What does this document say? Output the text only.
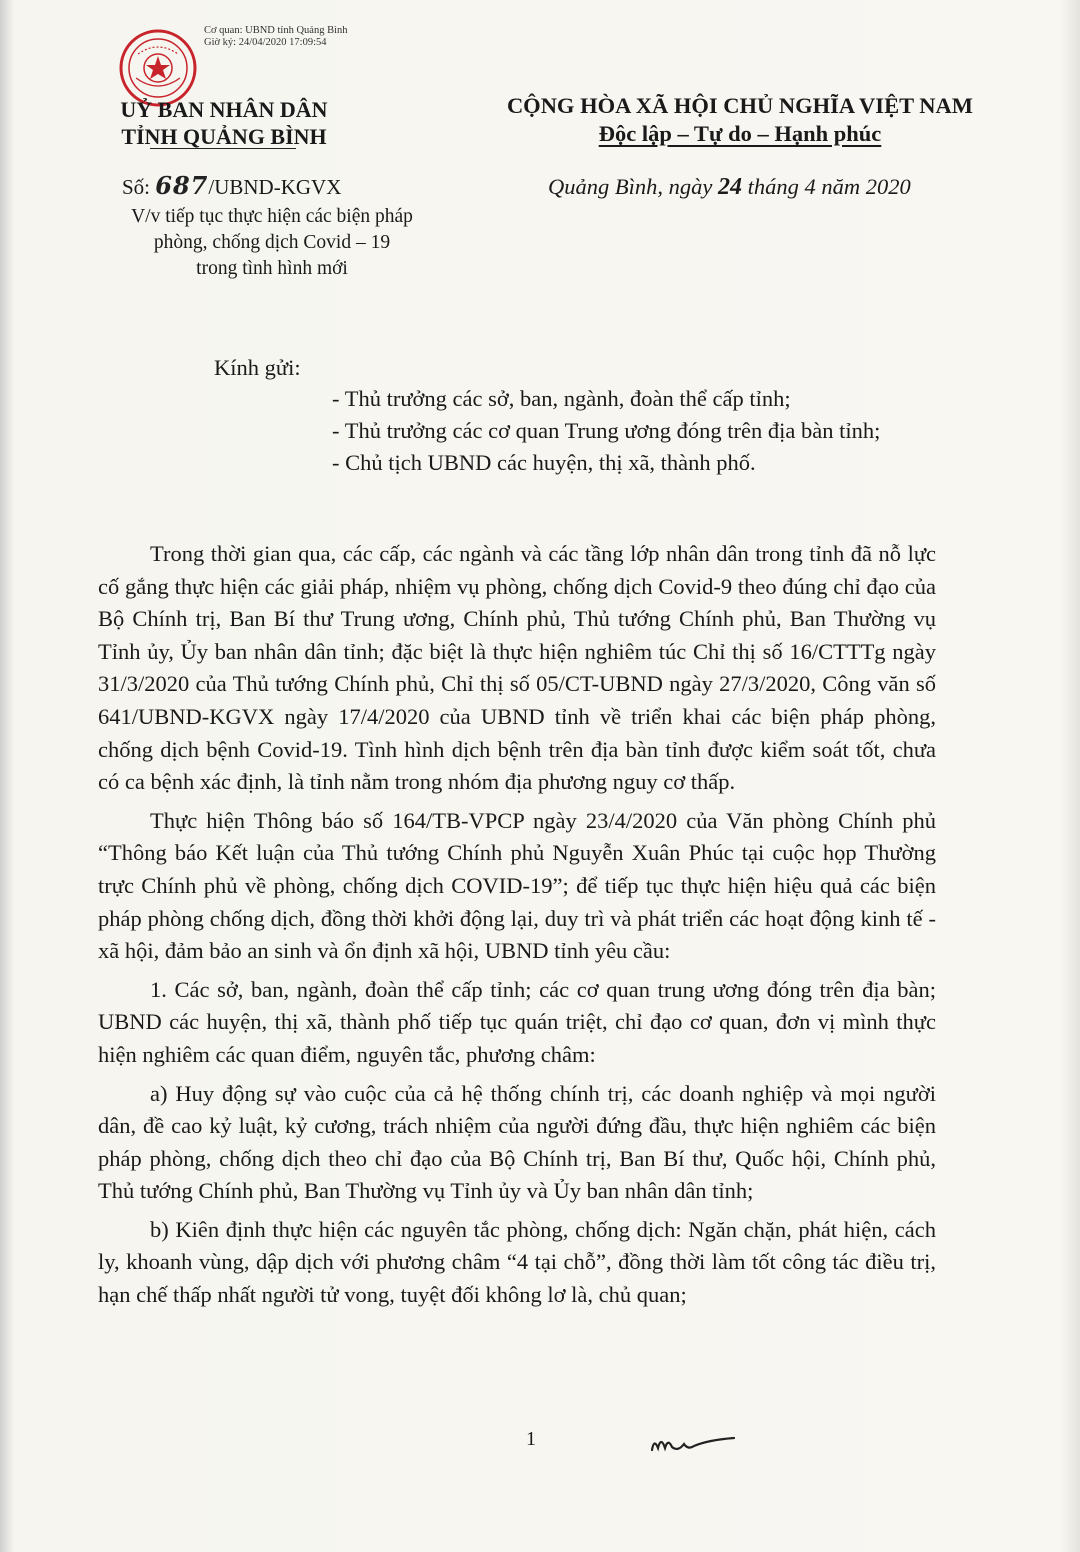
Cơ quan: UBND tỉnh Quảng Bình
Giờ ký: 24/04/2020 17:09:54
UỶ BAN NHÂN DÂN
TỈNH QUẢNG BÌNH
Số: 687/UBND-KGVX
V/v tiếp tục thực hiện các biện pháp
phòng, chống dịch Covid – 19
trong tình hình mới
CỘNG HÒA XÃ HỘI CHỦ NGHĨA VIỆT NAM
Độc lập – Tự do – Hạnh phúc
Quảng Bình, ngày 24 tháng 4 năm 2020
Kính gửi:
- Thủ trưởng các sở, ban, ngành, đoàn thể cấp tỉnh;
- Thủ trưởng các cơ quan Trung ương đóng trên địa bàn tỉnh;
- Chủ tịch UBND các huyện, thị xã, thành phố.

Trong thời gian qua, các cấp, các ngành và các tầng lớp nhân dân trong tỉnh đã nỗ lực cố gắng thực hiện các giải pháp, nhiệm vụ phòng, chống dịch Covid-9 theo đúng chỉ đạo của Bộ Chính trị, Ban Bí thư Trung ương, Chính phủ, Thủ tướng Chính phủ, Ban Thường vụ Tỉnh ủy, Ủy ban nhân dân tỉnh; đặc biệt là thực hiện nghiêm túc Chỉ thị số 16/CTTTg ngày 31/3/2020 của Thủ tướng Chính phủ, Chỉ thị số 05/CT-UBND ngày 27/3/2020, Công văn số 641/UBND-KGVX ngày 17/4/2020 của UBND tỉnh về triển khai các biện pháp phòng, chống dịch bệnh Covid-19. Tình hình dịch bệnh trên địa bàn tỉnh được kiểm soát tốt, chưa có ca bệnh xác định, là tỉnh nằm trong nhóm địa phương nguy cơ thấp.

Thực hiện Thông báo số 164/TB-VPCP ngày 23/4/2020 của Văn phòng Chính phủ “Thông báo Kết luận của Thủ tướng Chính phủ Nguyễn Xuân Phúc tại cuộc họp Thường trực Chính phủ về phòng, chống dịch COVID-19”; để tiếp tục thực hiện hiệu quả các biện pháp phòng chống dịch, đồng thời khởi động lại, duy trì và phát triển các hoạt động kinh tế - xã hội, đảm bảo an sinh và ổn định xã hội, UBND tỉnh yêu cầu:

1. Các sở, ban, ngành, đoàn thể cấp tỉnh; các cơ quan trung ương đóng trên địa bàn; UBND các huyện, thị xã, thành phố tiếp tục quán triệt, chỉ đạo cơ quan, đơn vị mình thực hiện nghiêm các quan điểm, nguyên tắc, phương châm:

a) Huy động sự vào cuộc của cả hệ thống chính trị, các doanh nghiệp và mọi người dân, đề cao kỷ luật, kỷ cương, trách nhiệm của người đứng đầu, thực hiện nghiêm các biện pháp phòng, chống dịch theo chỉ đạo của Bộ Chính trị, Ban Bí thư, Quốc hội, Chính phủ, Thủ tướng Chính phủ, Ban Thường vụ Tỉnh ủy và Ủy ban nhân dân tỉnh;

b) Kiên định thực hiện các nguyên tắc phòng, chống dịch: Ngăn chặn, phát hiện, cách ly, khoanh vùng, dập dịch với phương châm “4 tại chỗ”, đồng thời làm tốt công tác điều trị, hạn chế thấp nhất người tử vong, tuyệt đối không lơ là, chủ quan;

1
